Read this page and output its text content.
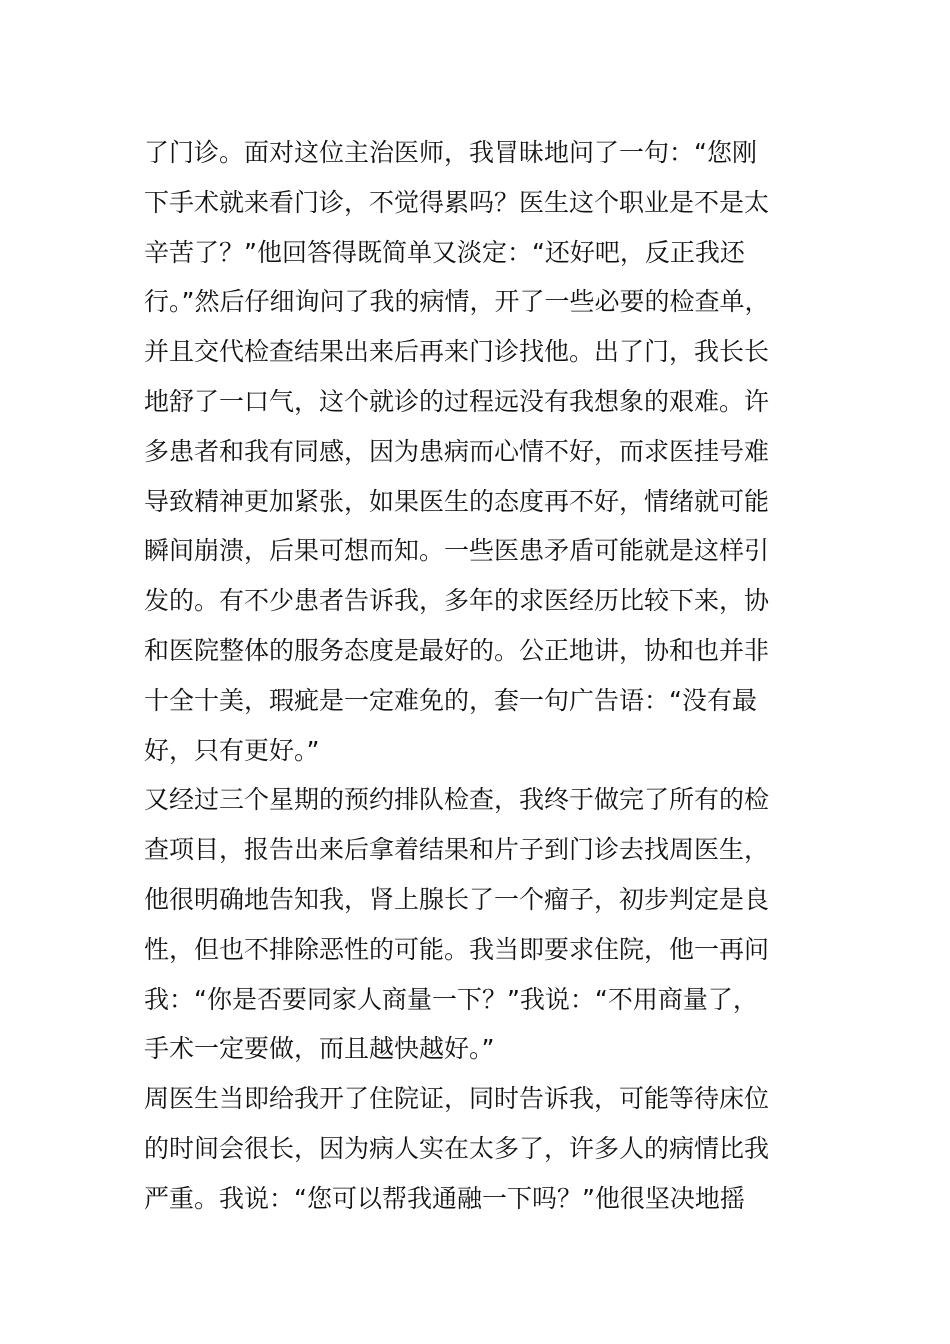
了门诊。面对这位主治医师，我冒昧地问了一句：“您刚
下手术就来看门诊，不觉得累吗？医生这个职业是不是太
辛苦了？”他回答得既简单又淡定：“还好吧，反正我还
行。”然后仔细询问了我的病情，开了一些必要的检查单，
并且交代检查结果出来后再来门诊找他。出了门，我长长
地舒了一口气，这个就诊的过程远没有我想象的艰难。许
多患者和我有同感，因为患病而心情不好，而求医挂号难
导致精神更加紧张，如果医生的态度再不好，情绪就可能
瞬间崩溃，后果可想而知。一些医患矛盾可能就是这样引
发的。有不少患者告诉我，多年的求医经历比较下来，协
和医院整体的服务态度是最好的。公正地讲，协和也并非
十全十美，瑕疵是一定难免的，套一句广告语：“没有最
好，只有更好。”
又经过三个星期的预约排队检查，我终于做完了所有的检
查项目，报告出来后拿着结果和片子到门诊去找周医生，
他很明确地告知我，肾上腺长了一个瘤子，初步判定是良
性，但也不排除恶性的可能。我当即要求住院，他一再问
我：“你是否要同家人商量一下？”我说：“不用商量了，
手术一定要做，而且越快越好。”
周医生当即给我开了住院证，同时告诉我，可能等待床位
的时间会很长，因为病人实在太多了，许多人的病情比我
严重。我说：“您可以帮我通融一下吗？”他很坚决地摇
